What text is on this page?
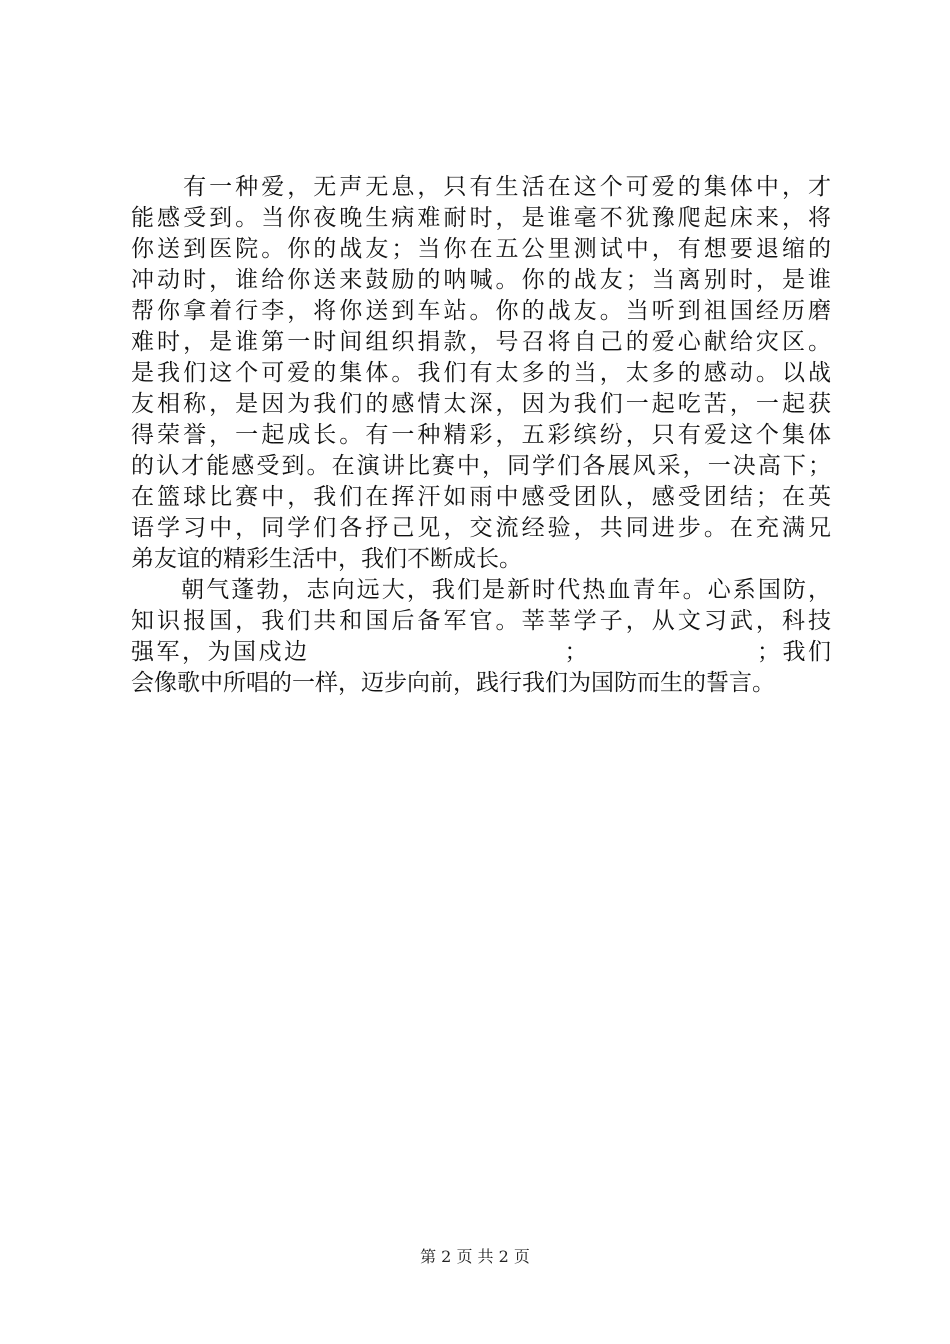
　　有一种爱，无声无息，只有生活在这个可爱的集体中，才
能感受到。当你夜晚生病难耐时，是谁毫不犹豫爬起床来，将
你送到医院。你的战友；当你在五公里测试中，有想要退缩的
冲动时，谁给你送来鼓励的呐喊。你的战友；当离别时，是谁
帮你拿着行李，将你送到车站。你的战友。当听到祖国经历磨
难时，是谁第一时间组织捐款，号召将自己的爱心献给灾区。
是我们这个可爱的集体。我们有太多的当，太多的感动。以战
友相称，是因为我们的感情太深，因为我们一起吃苦，一起获
得荣誉，一起成长。有一种精彩，五彩缤纷，只有爱这个集体
的认才能感受到。在演讲比赛中，同学们各展风采，一决高下；
在篮球比赛中，我们在挥汗如雨中感受团队，感受团结；在英
语学习中，同学们各抒己见，交流经验，共同进步。在充满兄
弟友谊的精彩生活中，我们不断成长。
　　朝气蓬勃，志向远大，我们是新时代热血青年。心系国防，
知识报国，我们共和国后备军官。莘莘学子，从文习武，科技
强军，为国戍边　　　　　　　　　　；　　　　　　　；我们
会像歌中所唱的一样，迈步向前，践行我们为国防而生的誓言。
第 2 页 共 2 页
